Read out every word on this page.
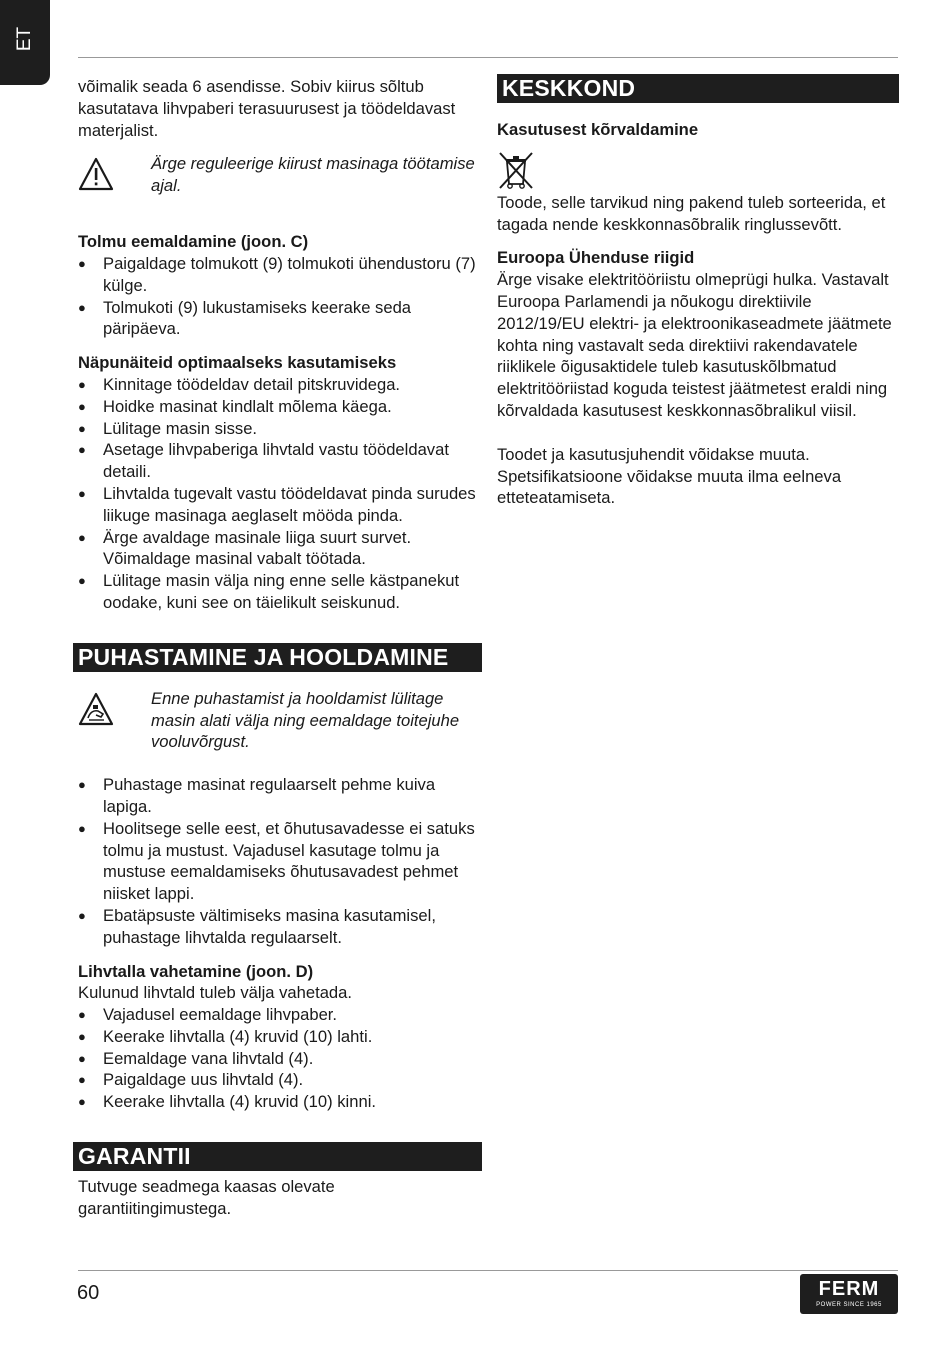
ET

võimalik seada 6 asendisse. Sobiv kiirus sõltub kasutatava lihvpaberi terasuurusest ja töödeldavast materjalist.

Ärge reguleerige kiirust masinaga töötamise ajal.

Tolmu eemaldamine (joon. C)

● Paigaldage tolmukott (9) tolmukoti ühendustoru (7) külge.
● Tolmukoti (9) lukustamiseks keerake seda päripäeva.

Näpunäiteid optimaalseks kasutamiseks

● Kinnitage töödeldav detail pitskruvidega.
● Hoidke masinat kindlalt mõlema käega.
● Lülitage masin sisse.
● Asetage lihvpaberiga lihvtald vastu töödeldavat detaili.
● Lihvtalda tugevalt vastu töödeldavat pinda surudes liikuge masinaga aeglaselt mööda pinda.
● Ärge avaldage masinale liiga suurt survet. Võimaldage masinal vabalt töötada.
● Lülitage masin välja ning enne selle kästpanekut oodake, kuni see on täielikult seiskunud.
PUHASTAMINE JA HOOLDAMINE
Enne puhastamist ja hooldamist lülitage masin alati välja ning eemaldage toitejuhe vooluvõrgust.
● Puhastage masinat regulaarselt pehme kuiva lapiga.
● Hoolitsege selle eest, et õhutusavadesse ei satuks tolmu ja mustust. Vajadusel kasutage tolmu ja mustuse eemaldamiseks õhutusavadest pehmet niisket lappi.
● Ebatäpsuste vältimiseks masina kasutamisel, puhastage lihvtalda regulaarselt.

Lihvtalla vahetamine (joon. D)

Kulunud lihvtald tuleb välja vahetada.

● Vajadusel eemaldage lihvpaber.
● Keerake lihvtalla (4) kruvid (10) lahti.
● Eemaldage vana lihvtald (4).
● Paigaldage uus lihvtald (4).
● Keerake lihvtalla (4) kruvid (10) kinni.
GARANTII

Tutvuge seadmega kaasas olevate garantiitingimustega.

KESKKOND

Kasutusest kõrvaldamine

Toode, selle tarvikud ning pakend tuleb sorteerida, et tagada nende keskkonnasõbralik ringlussevõtt.

Euroopa Ühenduse riigid

Ärge visake elektritööriistu olmeprügi hulka. Vastavalt Euroopa Parlamendi ja nõukogu direktiivile 2012/19/EU elektri- ja elektroonikaseadmete jäätmete kohta ning vastavalt seda direktiivi rakendavatele riiklikele õigusaktidele tuleb kasutuskõlbmatud elektritööriistad koguda teistest jäätmetest eraldi ning kõrvaldada kasutusest keskkonnasõbralikul viisil.

Toodet ja kasutusjuhendit võidakse muuta. Spetsifikatsioone võidakse muuta ilma eelneva etteteatamiseta.

60	FERM
POWER SINCE 1965
